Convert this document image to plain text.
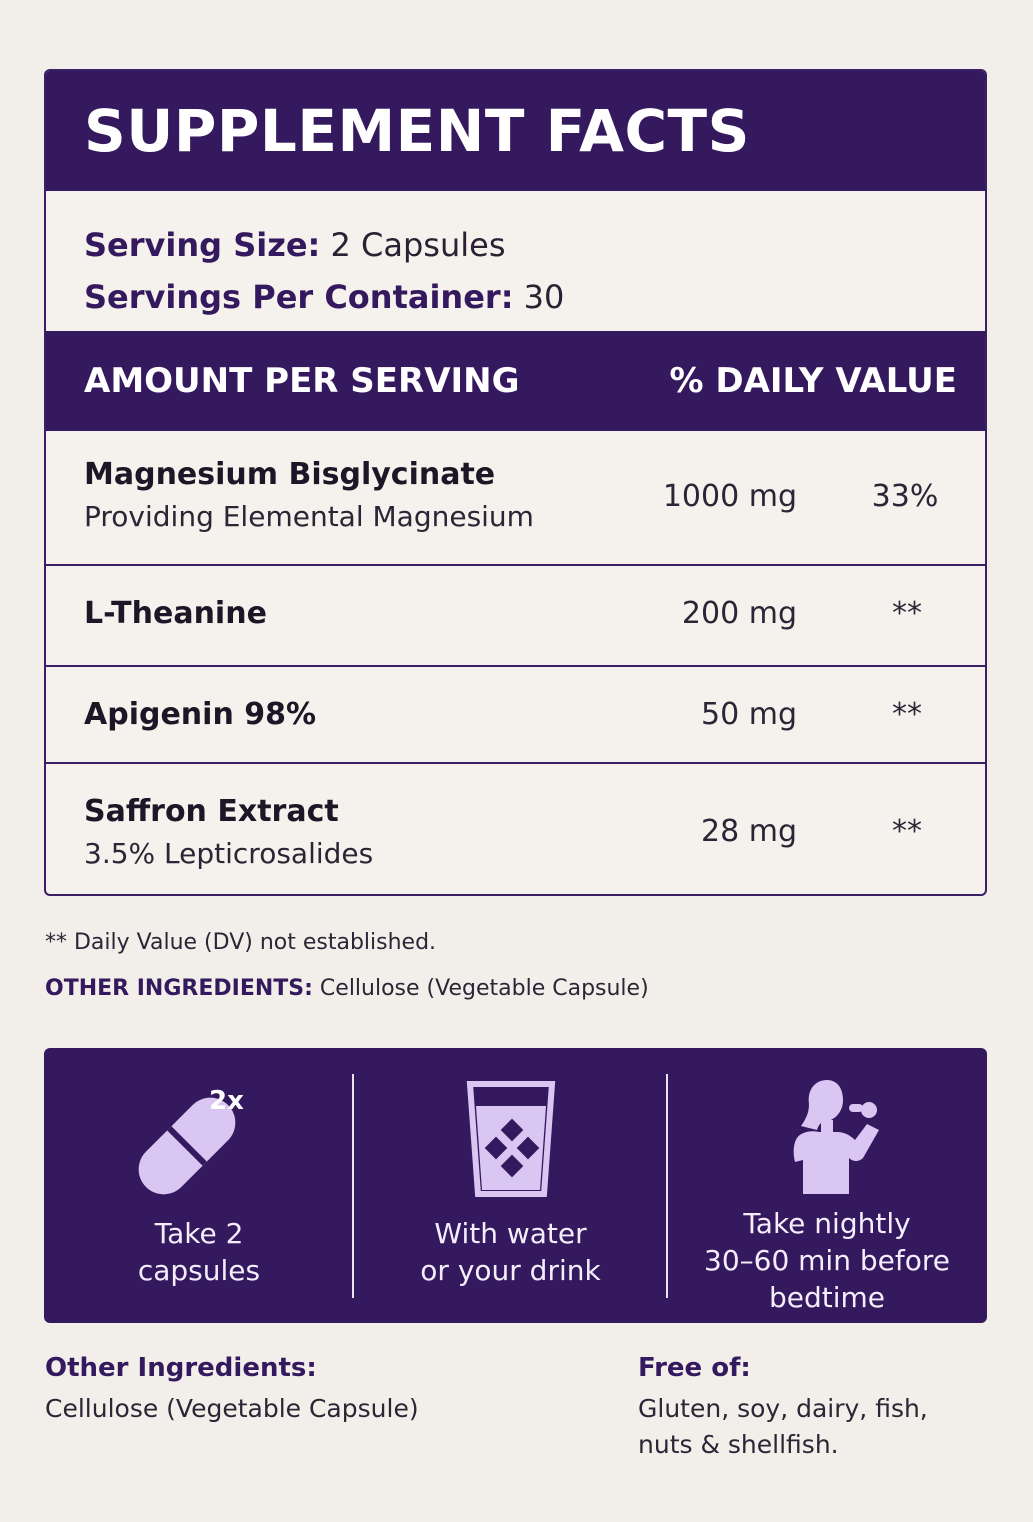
SUPPLEMENT FACTS
Serving Size: 2 Capsules
Servings Per Container: 30
AMOUNT PER SERVING	% DAILY VALUE
Magnesium Bisglycinate
Providing Elemental Magnesium
1000 mg 33%
L-Theanine	200 mg	**
Apigenin 98%	50 mg	**
Saffron Extract
3.5% Lepticrosalides
28 mg	**
** Daily Value (DV) not established.
OTHER INGREDIENTS: Cellulose (Vegetable Capsule)
2x
Take 2
capsules
With water
or your drink
Take nightly
30–60 min before
bedtime
Other Ingredients:
Cellulose (Vegetable Capsule)
Free of:
Gluten, soy, dairy, fish,
nuts & shellfish.
